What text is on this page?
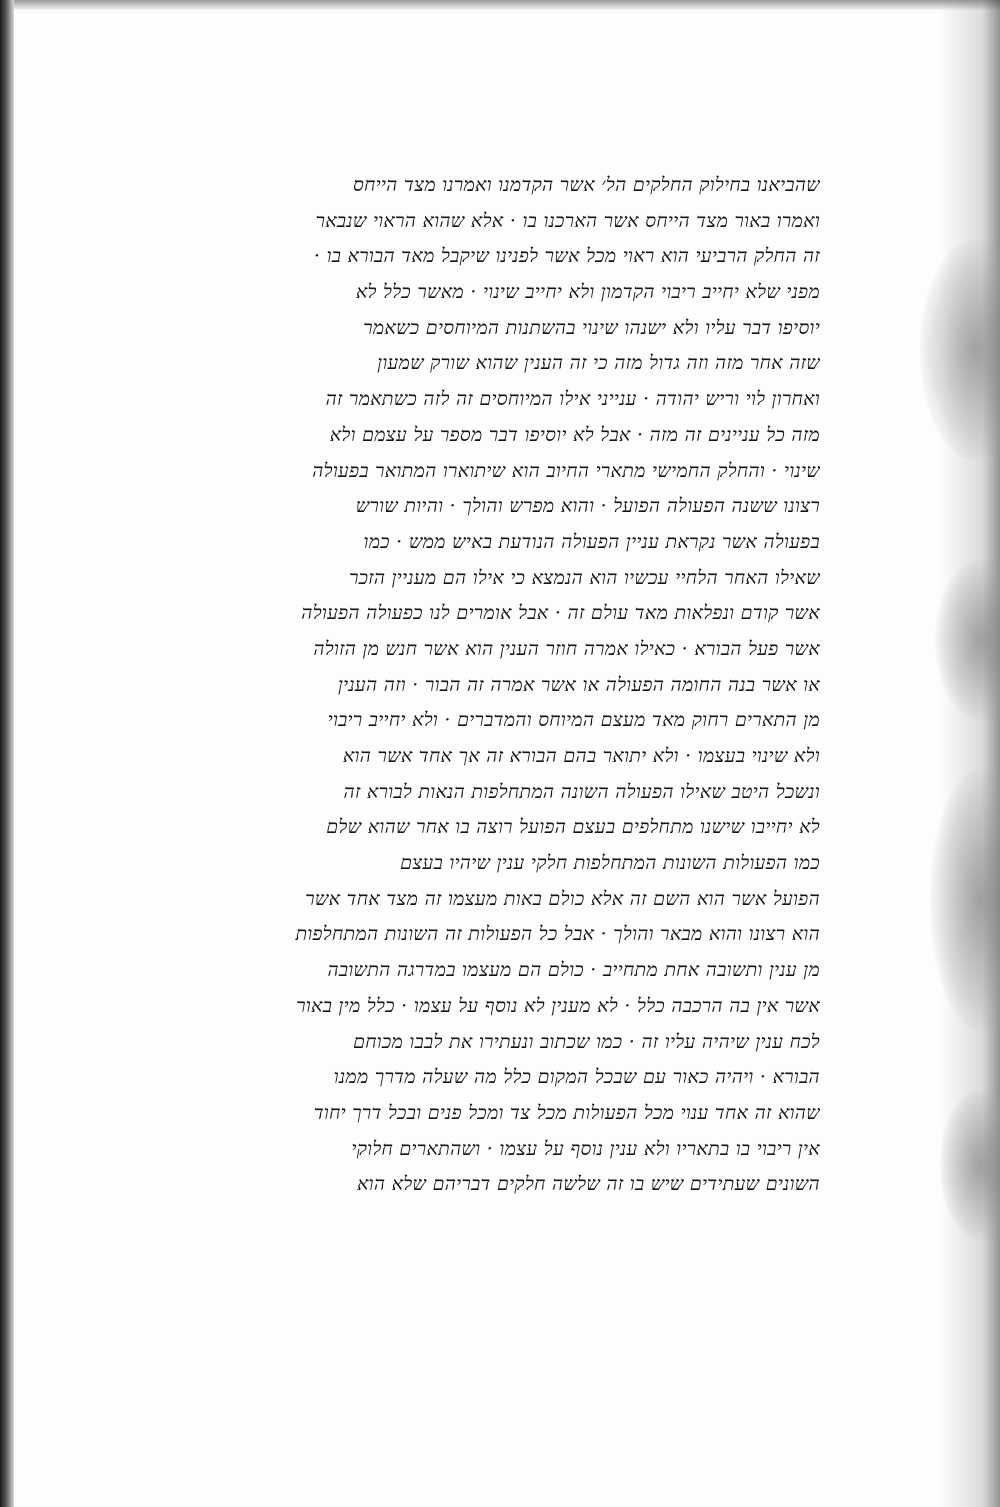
שהביאנו בחילוק החלקים הל׳ אשר הקדמנו ואמרנו מצד הייחס
ואמרו באור מצד הייחס אשר הארכנו בו · אלא שהוא הראוי שנבאר
זה החלק הרביעי הוא ראוי מכל אשר לפנינו שיקבל מאד הבורא בו ·
מפני שלא יחייב ריבוי הקדמון ולא יחייב שינוי · מאשר כלל לא
יוסיפו דבר עליו ולא ישנהו שינוי בהשתנות המיוחסים כשאמר
שזה אחר מזה וזה גדול מזה כי זה הענין שהוא שורק שמעון
ואחרון לוי וריש יהודה · ענייני אילו המיוחסים זה לזה כשתאמר זה
מזה כל עניינים זה מזה · אבל לא יוסיפו דבר מספר על עצמם ולא
שינוי · והחלק החמישי מתארי החיוב הוא שיתוארו המתואר בפעולה
רצונו ששנה הפעולה הפועל · והוא מפרש והולך · והיות שורש
בפעולה אשר נקראת עניין הפעולה הנודעת באיש ממש · כמו
שאילו האחר הלחיי עכשיו הוא הנמצא כי אילו הם מעניין הזכר
אשר קודם ונפלאות מאד עולם זה · אבל אומרים לנו כפעולה הפעולה
אשר פעל הבורא · כאילו אמרה חוזר הענין הוא אשר חנש מן הזולה
או אשר בנה החומה הפעולה או אשר אמרה זה הבור · וזה הענין
מן התארים רחוק מאד מעצם המיוחס והמדברים · ולא יחייב ריבוי
ולא שינוי בעצמו · ולא יתואר בהם הבורא זה אך אחד אשר הוא
ונשכל היטב שאילו הפעולה השונה המתחלפות הנאות לבורא זה
לא יחייבו שישנו מתחלפים בעצם הפועל רוצה בו אחר שהוא שלם
כמו הפעולות השונות המתחלפות חלקי ענין שיהיו בעצם
הפועל אשר הוא השם זה אלא כולם באות מעצמו זה מצד אחד אשר
הוא רצונו והוא מבאר והולך · אבל כל הפעולות זה השונות המתחלפות
מן ענין ותשובה אחת מתחייב · כולם הם מעצמו במדרגה התשובה
אשר אין בה הרכבה כלל · לא מענין לא נוסף על עצמו · כלל מין באור
לכח ענין שיהיה עליו זה · כמו שכתוב ונעתירו את לבבו מכוחם
הבורא · ויהיה כאור עם שבכל המקום כלל מה שעלה מדרך ממנו
שהוא זה אחד ענוי מכל הפעולות מכל צד ומכל פנים ובכל דרך יחוד
אין ריבוי בו בתאריו ולא ענין נוסף על עצמו · ושהתארים חלוקי
השונים שעתידים שיש בו זה שלשה חלקים דבריהם שלא הוא
